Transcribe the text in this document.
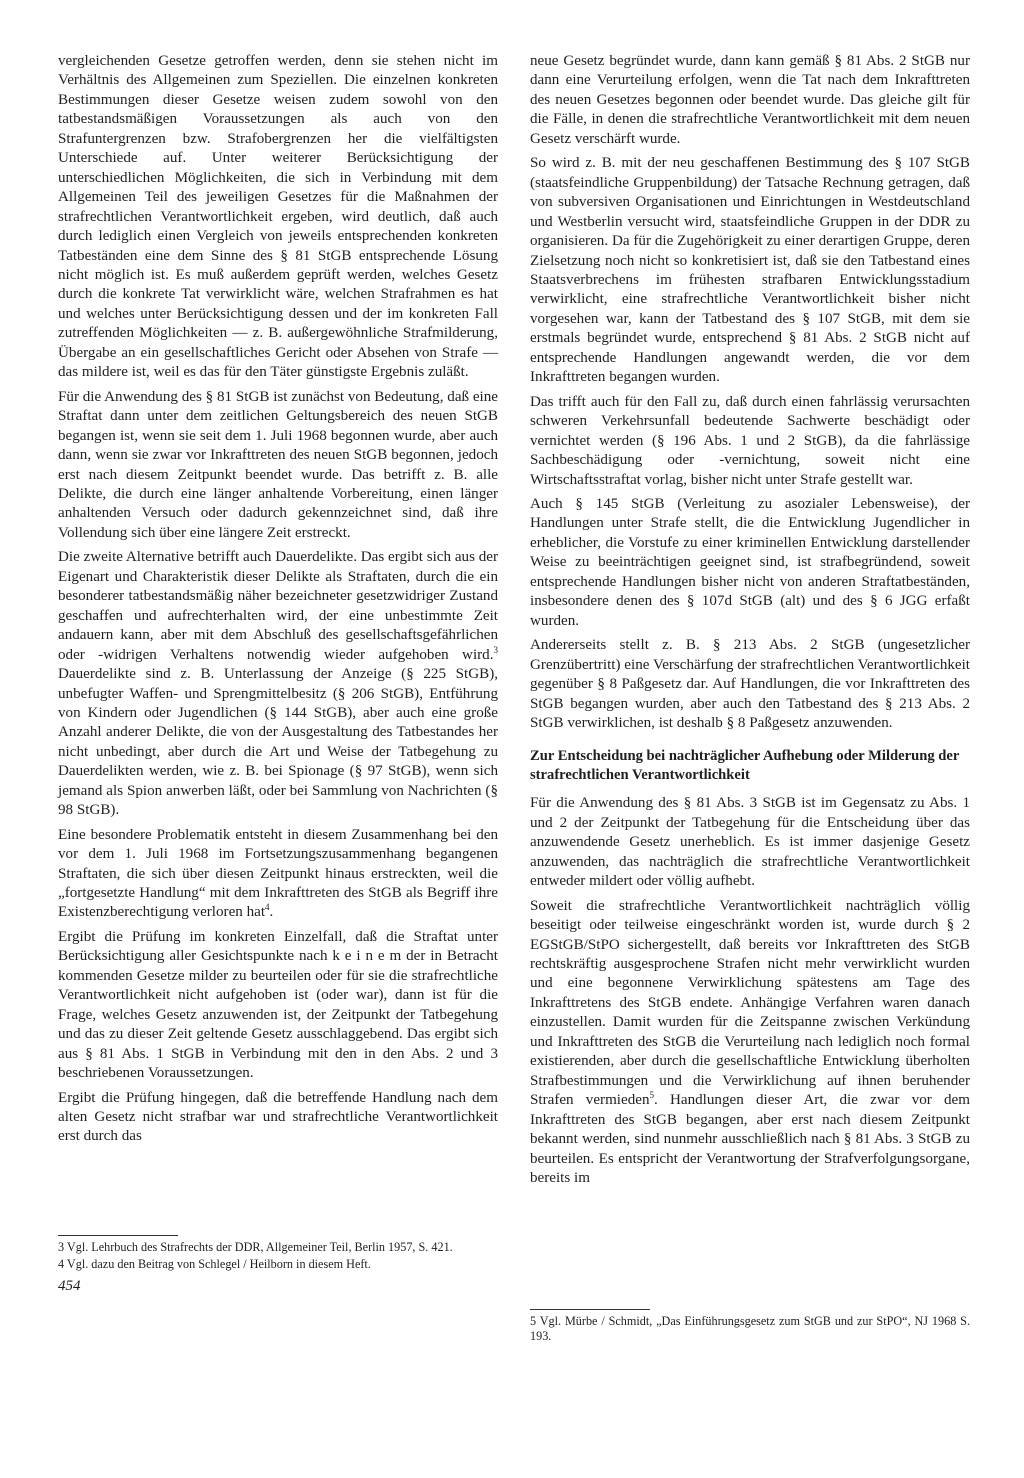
vergleichenden Gesetze getroffen werden, denn sie stehen nicht im Verhältnis des Allgemeinen zum Speziellen. Die einzelnen konkreten Bestimmungen dieser Gesetze weisen zudem sowohl von den tatbestandsmäßigen Voraussetzungen als auch von den Strafuntergrenzen bzw. Strafobergrenzen her die vielfältigsten Unterschiede auf. Unter weiterer Berücksichtigung der unterschiedlichen Möglichkeiten, die sich in Verbindung mit dem Allgemeinen Teil des jeweiligen Gesetzes für die Maßnahmen der strafrechtlichen Verantwortlichkeit ergeben, wird deutlich, daß auch durch lediglich einen Vergleich von jeweils entsprechenden konkreten Tatbeständen eine dem Sinne des § 81 StGB entsprechende Lösung nicht möglich ist. Es muß außerdem geprüft werden, welches Gesetz durch die konkrete Tat verwirklicht wäre, welchen Strafrahmen es hat und welches unter Berücksichtigung dessen und der im konkreten Fall zutreffenden Möglichkeiten — z. B. außergewöhnliche Strafmilderung, Übergabe an ein gesellschaftliches Gericht oder Absehen von Strafe — das mildere ist, weil es das für den Täter günstigste Ergebnis zuläßt.

Für die Anwendung des § 81 StGB ist zunächst von Bedeutung, daß eine Straftat dann unter dem zeitlichen Geltungsbereich des neuen StGB begangen ist, wenn sie seit dem 1. Juli 1968 begonnen wurde, aber auch dann, wenn sie zwar vor Inkrafttreten des neuen StGB begonnen, jedoch erst nach diesem Zeitpunkt beendet wurde. Das betrifft z. B. alle Delikte, die durch eine länger anhaltende Vorbereitung, einen länger anhaltenden Versuch oder dadurch gekennzeichnet sind, daß ihre Vollendung sich über eine längere Zeit erstreckt.

Die zweite Alternative betrifft auch Dauerdelikte. Das ergibt sich aus der Eigenart und Charakteristik dieser Delikte als Straftaten, durch die ein besonderer tatbestandsmäßig näher bezeichneter gesetzwidriger Zustand geschaffen und aufrechterhalten wird, der eine unbestimmte Zeit andauern kann, aber mit dem Abschluß des gesellschaftsgefährlichen oder -widrigen Verhaltens notwendig wieder aufgehoben wird.$^3$ Dauerdelikte sind z. B. Unterlassung der Anzeige (§ 225 StGB), unbefugter Waffen- und Sprengmittelbesitz (§ 206 StGB), Entführung von Kindern oder Jugendlichen (§ 144 StGB), aber auch eine große Anzahl anderer Delikte, die von der Ausgestaltung des Tatbestandes her nicht unbedingt, aber durch die Art und Weise der Tatbegehung zu Dauerdelikten werden, wie z. B. bei Spionage (§ 97 StGB), wenn sich jemand als Spion anwerben läßt, oder bei Sammlung von Nachrichten (§ 98 StGB).

Eine besondere Problematik entsteht in diesem Zusammenhang bei den vor dem 1. Juli 1968 im Fortsetzungszusammenhang begangenen Straftaten, die sich über diesen Zeitpunkt hinaus erstreckten, weil die „fortgesetzte Handlung“ mit dem Inkrafttreten des StGB als Begriff ihre Existenzberechtigung verloren hat$^4$.

Ergibt die Prüfung im konkreten Einzelfall, daß die Straftat unter Berücksichtigung aller Gesichtspunkte nach k e i n e m der in Betracht kommenden Gesetze milder zu beurteilen oder für sie die strafrechtliche Verantwortlichkeit nicht aufgehoben ist (oder war), dann ist für die Frage, welches Gesetz anzuwenden ist, der Zeitpunkt der Tatbegehung und das zu dieser Zeit geltende Gesetz ausschlaggebend. Das ergibt sich aus § 81 Abs. 1 StGB in Verbindung mit den in den Abs. 2 und 3 beschriebenen Voraussetzungen.

Ergibt die Prüfung hingegen, daß die betreffende Handlung nach dem alten Gesetz nicht strafbar war und strafrechtliche Verantwortlichkeit erst durch das

3 Vgl. Lehrbuch des Strafrechts der DDR, Allgemeiner Teil, Berlin 1957, S. 421.
4 Vgl. dazu den Beitrag von Schlegel / Heilborn in diesem Heft.
454

neue Gesetz begründet wurde, dann kann gemäß § 81 Abs. 2 StGB nur dann eine Verurteilung erfolgen, wenn die Tat nach dem Inkrafttreten des neuen Gesetzes begonnen oder beendet wurde. Das gleiche gilt für die Fälle, in denen die strafrechtliche Verantwortlichkeit mit dem neuen Gesetz verschärft wurde.

So wird z. B. mit der neu geschaffenen Bestimmung des § 107 StGB (staatsfeindliche Gruppenbildung) der Tatsache Rechnung getragen, daß von subversiven Organisationen und Einrichtungen in Westdeutschland und Westberlin versucht wird, staatsfeindliche Gruppen in der DDR zu organisieren. Da für die Zugehörigkeit zu einer derartigen Gruppe, deren Zielsetzung noch nicht so konkretisiert ist, daß sie den Tatbestand eines Staatsverbrechens im frühesten strafbaren Entwicklungsstadium verwirklicht, eine strafrechtliche Verantwortlichkeit bisher nicht vorgesehen war, kann der Tatbestand des § 107 StGB, mit dem sie erstmals begründet wurde, entsprechend § 81 Abs. 2 StGB nicht auf entsprechende Handlungen angewandt werden, die vor dem Inkrafttreten begangen wurden.

Das trifft auch für den Fall zu, daß durch einen fahrlässig verursachten schweren Verkehrsunfall bedeutende Sachwerte beschädigt oder vernichtet werden (§ 196 Abs. 1 und 2 StGB), da die fahrlässige Sachbeschädigung oder -vernichtung, soweit nicht eine Wirtschaftsstraftat vorlag, bisher nicht unter Strafe gestellt war.

Auch § 145 StGB (Verleitung zu asozialer Lebensweise), der Handlungen unter Strafe stellt, die die Entwicklung Jugendlicher in erheblicher, die Vorstufe zu einer kriminellen Entwicklung darstellender Weise zu beeinträchtigen geeignet sind, ist strafbegründend, soweit entsprechende Handlungen bisher nicht von anderen Straftatbeständen, insbesondere denen des § 107d StGB (alt) und des § 6 JGG erfaßt wurden.

Andererseits stellt z. B. § 213 Abs. 2 StGB (ungesetzlicher Grenzübertritt) eine Verschärfung der strafrechtlichen Verantwortlichkeit gegenüber § 8 Paßgesetz dar. Auf Handlungen, die vor Inkrafttreten des StGB begangen wurden, aber auch den Tatbestand des § 213 Abs. 2 StGB verwirklichen, ist deshalb § 8 Paßgesetz anzuwenden.

Zur Entscheidung bei nachträglicher Aufhebung oder Milderung der strafrechtlichen Verantwortlichkeit

Für die Anwendung des § 81 Abs. 3 StGB ist im Gegensatz zu Abs. 1 und 2 der Zeitpunkt der Tatbegehung für die Entscheidung über das anzuwendende Gesetz unerheblich. Es ist immer dasjenige Gesetz anzuwenden, das nachträglich die strafrechtliche Verantwortlichkeit entweder mildert oder völlig aufhebt.

Soweit die strafrechtliche Verantwortlichkeit nachträglich völlig beseitigt oder teilweise eingeschränkt worden ist, wurde durch § 2 EGStGB/StPO sichergestellt, daß bereits vor Inkrafttreten des StGB rechtskräftig ausgesprochene Strafen nicht mehr verwirklicht wurden und eine begonnene Verwirklichung spätestens am Tage des Inkrafttretens des StGB endete. Anhängige Verfahren waren danach einzustellen. Damit wurden für die Zeitspanne zwischen Verkündung und Inkrafttreten des StGB die Verurteilung nach lediglich noch formal existierenden, aber durch die gesellschaftliche Entwicklung überholten Strafbestimmungen und die Verwirklichung auf ihnen beruhender Strafen vermieden$^5$. Handlungen dieser Art, die zwar vor dem Inkrafttreten des StGB begangen, aber erst nach diesem Zeitpunkt bekannt werden, sind nunmehr ausschließlich nach § 81 Abs. 3 StGB zu beurteilen. Es entspricht der Verantwortung der Strafverfolgungsorgane, bereits im

5 Vgl. Mürbe / Schmidt, „Das Einführungsgesetz zum StGB und zur StPO“, NJ 1968 S. 193.
